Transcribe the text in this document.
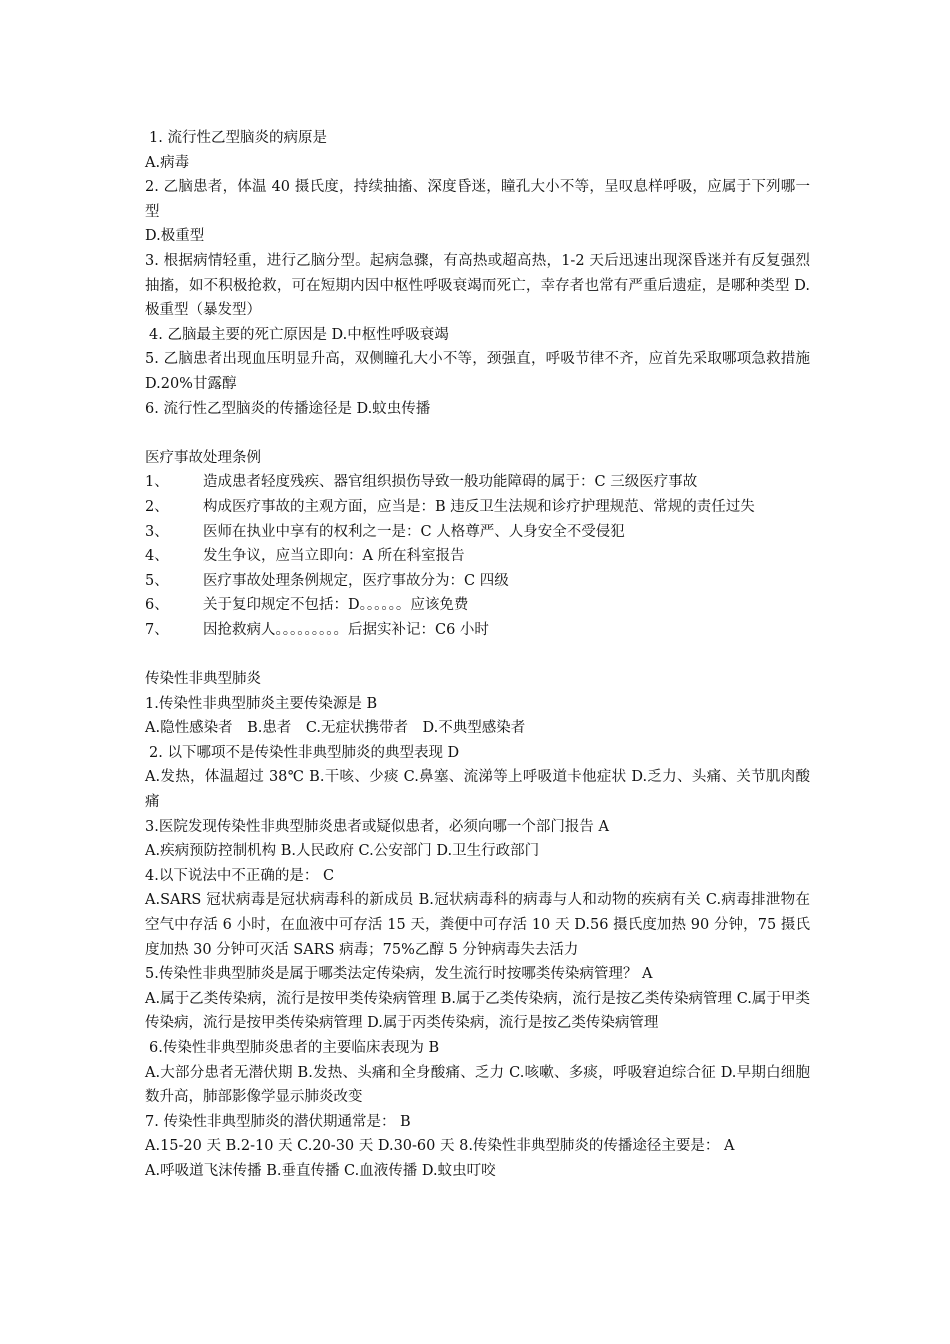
1. 流行性乙型脑炎的病原是
A.病毒
2. 乙脑患者，体温 40 摄氏度，持续抽搐、深度昏迷，瞳孔大小不等，呈叹息样呼吸，应属于下列哪一型
D.极重型
3. 根据病情轻重，进行乙脑分型。起病急骤，有高热或超高热，1-2 天后迅速出现深昏迷并有反复强烈抽搐，如不积极抢救，可在短期内因中枢性呼吸衰竭而死亡，幸存者也常有严重后遗症，是哪种类型 D.极重型（暴发型）
4. 乙脑最主要的死亡原因是 D.中枢性呼吸衰竭
5. 乙脑患者出现血压明显升高，双侧瞳孔大小不等，颈强直，呼吸节律不齐，应首先采取哪项急救措施 D.20%甘露醇
6. 流行性乙型脑炎的传播途径是 D.蚊虫传播
医疗事故处理条例
1、 造成患者轻度残疾、器官组织损伤导致一般功能障碍的属于：C 三级医疗事故
2、 构成医疗事故的主观方面，应当是：B 违反卫生法规和诊疗护理规范、常规的责任过失
3、 医师在执业中享有的权利之一是：C 人格尊严、人身安全不受侵犯
4、 发生争议，应当立即向：A 所在科室报告
5、 医疗事故处理条例规定，医疗事故分为：C 四级
6、 关于复印规定不包括：D。。。。。。应该免费
7、 因抢救病人。。。。。。。。。后据实补记：C6 小时
传染性非典型肺炎
1.传染性非典型肺炎主要传染源是 B
A.隐性感染者　B.患者　C.无症状携带者　D.不典型感染者
2. 以下哪项不是传染性非典型肺炎的典型表现 D
A.发热，体温超过 38℃ B.干咳、少痰 C.鼻塞、流涕等上呼吸道卡他症状 D.乏力、头痛、关节肌肉酸痛
3.医院发现传染性非典型肺炎患者或疑似患者，必须向哪一个部门报告 A
A.疾病预防控制机构 B.人民政府 C.公安部门 D.卫生行政部门
4.以下说法中不正确的是： C
A.SARS 冠状病毒是冠状病毒科的新成员 B.冠状病毒科的病毒与人和动物的疾病有关 C.病毒排泄物在空气中存活 6 小时，在血液中可存活 15 天，粪便中可存活 10 天 D.56 摄氏度加热 90 分钟，75 摄氏度加热 30 分钟可灭活 SARS 病毒；75%乙醇 5 分钟病毒失去活力
5.传染性非典型肺炎是属于哪类法定传染病，发生流行时按哪类传染病管理？ A
A.属于乙类传染病，流行是按甲类传染病管理 B.属于乙类传染病，流行是按乙类传染病管理 C.属于甲类传染病，流行是按甲类传染病管理 D.属于丙类传染病，流行是按乙类传染病管理
6.传染性非典型肺炎患者的主要临床表现为 B
A.大部分患者无潜伏期 B.发热、头痛和全身酸痛、乏力 C.咳嗽、多痰，呼吸窘迫综合征 D.早期白细胞数升高，肺部影像学显示肺炎改变
7. 传染性非典型肺炎的潜伏期通常是： B
A.15-20 天 B.2-10 天 C.20-30 天 D.30-60 天 8.传染性非典型肺炎的传播途径主要是： A
A.呼吸道飞沫传播 B.垂直传播 C.血液传播 D.蚊虫叮咬
